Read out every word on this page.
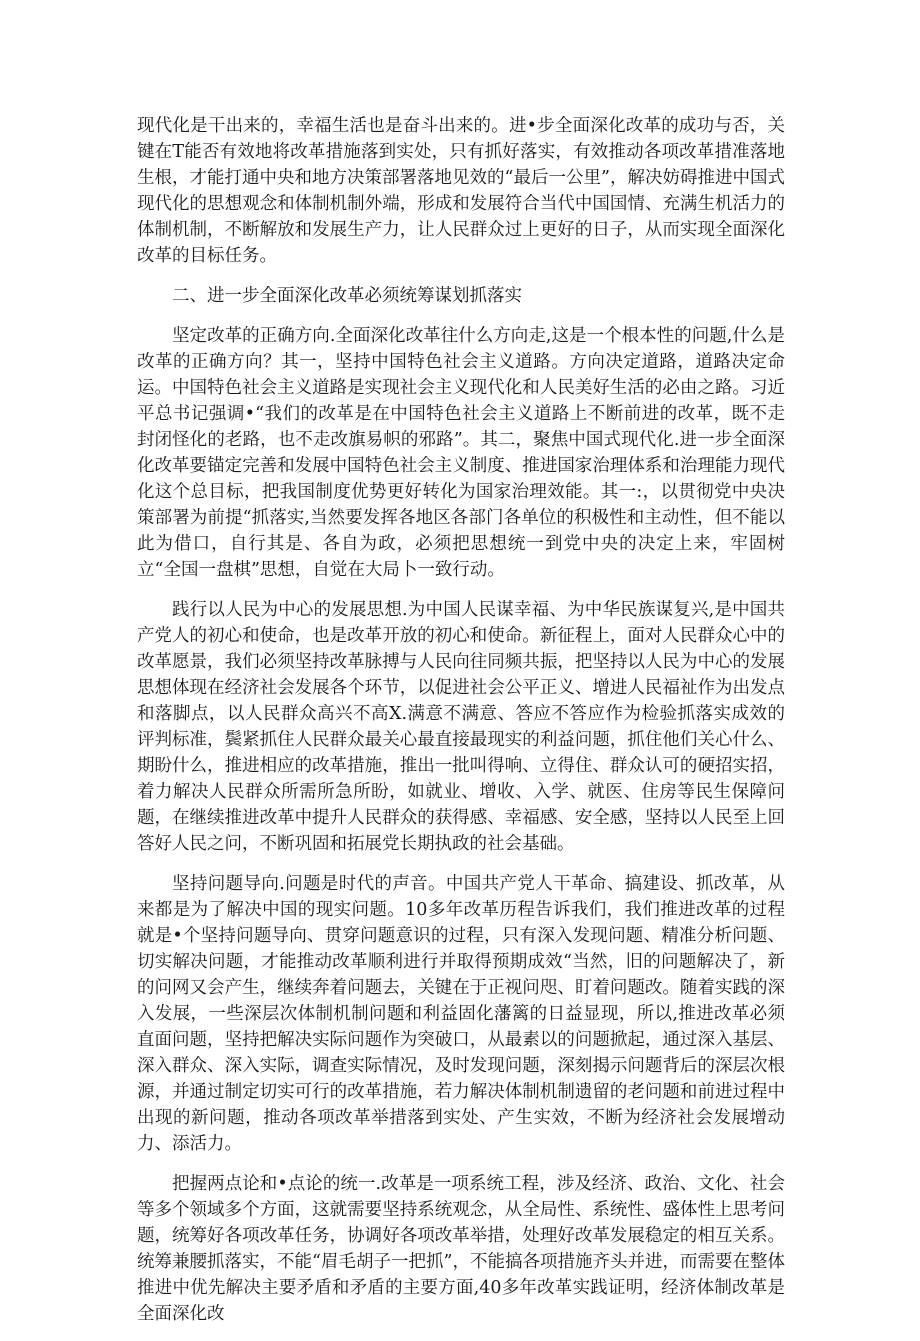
现代化是干出来的，幸福生活也是奋斗出来的。进•步全面深化改革的成功与否，关键在T能否有效地将改革措施落到实处，只有抓好落实，有效推动各项改革措准落地生根，才能打通中央和地方决策部署落地见效的“最后一公里”，解决妨碍推进中国式现代化的思想观念和体制机制外端，形成和发展符合当代中国国情、充满生机活力的体制机制，不断解放和发展生产力，让人民群众过上更好的日子，从而实现全面深化改革的目标任务。

二、进一步全面深化改革必须统筹谋划抓落实

坚定改革的正确方向.全面深化改革往什么方向走,这是一个根本性的问题,什么是改革的正确方向？其一，坚持中国特色社会主义道路。方向决定道路，道路决定命运。中国特色社会主义道路是实现社会主义现代化和人民美好生活的必由之路。习近平总书记强调•“我们的改革是在中国特色社会主义道路上不断前进的改革，既不走封闭怪化的老路，也不走改旗易帜的邪路”。其二，聚焦中国式现代化.进一步全面深化改革要锚定完善和发展中国特色社会主义制度、推进国家治理体系和治理能力现代化这个总目标，把我国制度优势更好转化为国家治理效能。其一:，以贯彻党中央决策部署为前提“抓落实,当然要发挥各地区各部门各单位的积极性和主动性，但不能以此为借口，自行其是、各自为政，必须把思想统一到党中央的决定上来，牢固树立“全国一盘棋”思想，自觉在大局卜一致行动。

践行以人民为中心的发展思想.为中国人民谋幸福、为中华民族谋复兴,是中国共产党人的初心和使命，也是改革开放的初心和使命。新征程上，面对人民群众心中的改革愿景，我们必须坚持改革脉搏与人民向往同频共振，把坚持以人民为中心的发展思想体现在经济社会发展各个环节，以促进社会公平正义、增进人民福祉作为出发点和落脚点，以人民群众高兴不高X.满意不满意、答应不答应作为检验抓落实成效的评判标准，鬓紧抓住人民群众最关心最直接最现实的利益问题，抓住他们关心什么、期盼什么，推进相应的改革措施，推出一批叫得响、立得住、群众认可的硬招实招，着力解决人民群众所需所急所盼，如就业、增收、入学、就医、住房等民生保障问题，在继续推进改革中提升人民群众的获得感、幸福感、安全感，坚持以人民至上回答好人民之问，不断巩固和拓展党长期执政的社会基础。

坚持问题导向.问题是时代的声音。中国共产党人干革命、搞建设、抓改革，从来都是为了解决中国的现实问题。10多年改革历程告诉我们，我们推进改革的过程就是•个坚持问题导向、贯穿问题意识的过程，只有深入发现问题、精准分析问题、切实解决问题，才能推动改革顺利进行并取得预期成效“当然，旧的问题解决了，新的问网又会产生，继续奔着问题去，关键在于正视问咫、盯着问题改。随着实践的深入发展，一些深层次体制机制问题和利益固化藩篱的日益显现，所以,推进改革必须直面问题，坚持把解决实际问题作为突破口，从最素以的问题掀起，通过深入基层、深入群众、深入实际，调查实际情况，及时发现问题，深刻揭示问题背后的深层次根源，并通过制定切实可行的改革措施，若力解决体制机制遗留的老问题和前进过程中出现的新问题，推动各项改革举措落到实处、产生实效，不断为经济社会发展增动力、添活力。

把握两点论和•点论的统一.改革是一项系统工程，涉及经济、政治、文化、社会等多个领域多个方面，这就需要坚持系统观念，从全局性、系统性、盛体性上思考问题，统筹好各项改革任务，协调好各项改革举措，处理好改革发展稳定的相互关系。统筹兼腰抓落实，不能“眉毛胡子一把抓”，不能搞各项措施齐头并进，而需要在整体推进中优先解决主要矛盾和矛盾的主要方面,40多年改革实践证明，经济体制改革是全面深化改
